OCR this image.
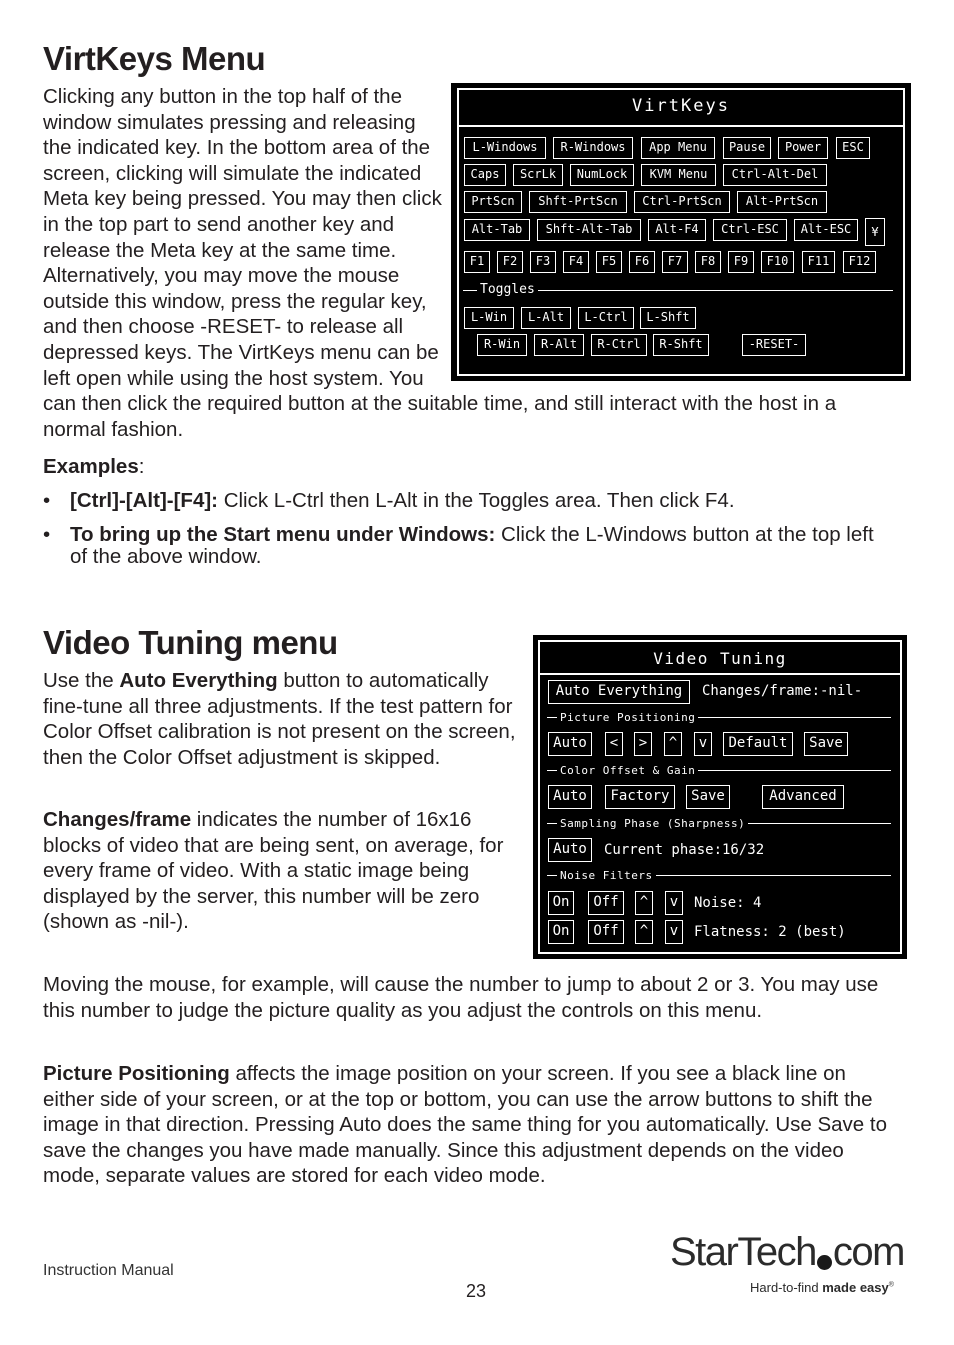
VirtKeys Menu
VirtKeys
L-Windows	R-Windows	App Menu	Pause	Power	ESC
Caps	ScrLk	NumLock	KVM Menu	Ctrl-Alt-Del
PrtScn	Shft-PrtScn	Ctrl-PrtScn	Alt-PrtScn
Alt-Tab	Shft-Alt-Tab	Alt-F4	Ctrl-ESC	Alt-ESC	¥
F1	F2	F3	F4	F5	F6	F7	F8	F9	F10	F11	F12
Toggles
L-Win	L-Alt	L-Ctrl	L-Shft
R-Win	R-Alt	R-Ctrl	R-Shft	-RESET-

Clicking any button in the top half of the window simulates pressing and releasing the indicated key. In the bottom area of the screen, clicking will simulate the indicated Meta key being pressed. You may then click in the top part to send another key and release the Meta key at the same time. Alternatively, you may move the mouse outside this window, press the regular key, and then choose -RESET- to release all depressed keys. The VirtKeys menu can be left open while using the host system. You can then click the required button at the suitable time, and still interact with the host in a normal fashion.

Examples:

• [Ctrl]-[Alt]-[F4]: Click L-Ctrl then L-Alt in the Toggles area. Then click F4.
• To bring up the Start menu under Windows: Click the L-Windows button at the top left of the above window.
Video Tuning menu	Video Tuning
Auto Everything	Changes/frame:-nil-
Picture Positioning
Auto	<	>	^	v	Default	Save
Color Offset & Gain
Auto	Factory	Save	Advanced
Sampling Phase (Sharpness)
Auto	Current phase:16/32
Noise Filters
On	Off	^	v	Noise: 4
On	Off	^	v	Flatness: 2 (best)

Use the Auto Everything button to automatically fine-tune all three adjustments. If the test pattern for Color Offset calibration is not present on the screen, then the Color Offset adjustment is skipped.

Changes/frame indicates the number of 16x16 blocks of video that are being sent, on average, for every frame of video. With a static image being displayed by the server, this number will be zero (shown as -nil-).

Moving the mouse, for example, will cause the number to jump to about 2 or 3. You may use this number to judge the picture quality as you adjust the controls on this menu.

Picture Positioning affects the image position on your screen. If you see a black line on either side of your screen, or at the top or bottom, you can use the arrow buttons to shift the image in that direction. Pressing Auto does the same thing for you automatically. Use Save to save the changes you have made manually. Since this adjustment depends on the video mode, separate values are stored for each video mode.

Instruction Manual
23
StarTech com
Hard-to-find made easy®
